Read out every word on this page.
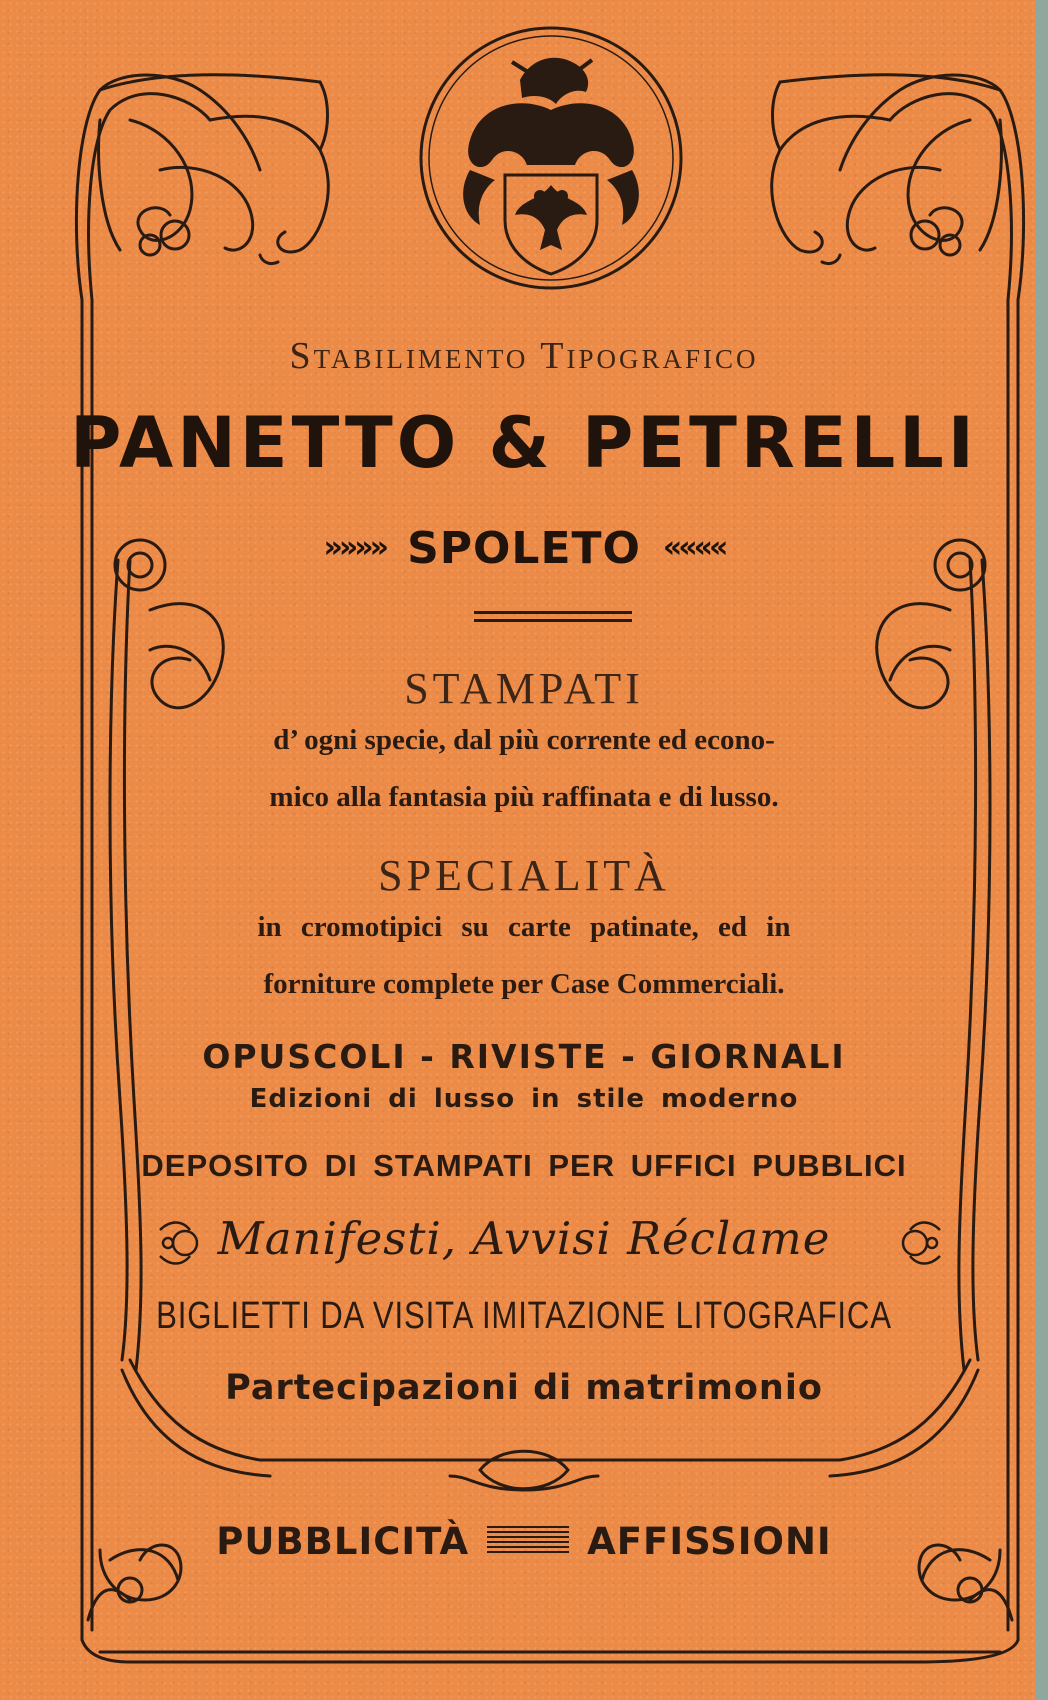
Stabilimento Tipografico
PANETTO & PETRELLI
»»»» SPOLETO ««««
STAMPATI
d’ ogni specie, dal più corrente ed econo-
mico alla fantasia più raffinata e di lusso.
SPECIALITÀ
in cromotipici su carte patinate, ed in
forniture complete per Case Commerciali.
OPUSCOLI - RIVISTE - GIORNALI
Edizioni di lusso in stile moderno
DEPOSITO DI STAMPATI PER UFFICI PUBBLICI
Manifesti, Avvisi Réclame
BIGLIETTI DA VISITA IMITAZIONE LITOGRAFICA
Partecipazioni di matrimonio
PUBBLICITÀ	AFFISSIONI
